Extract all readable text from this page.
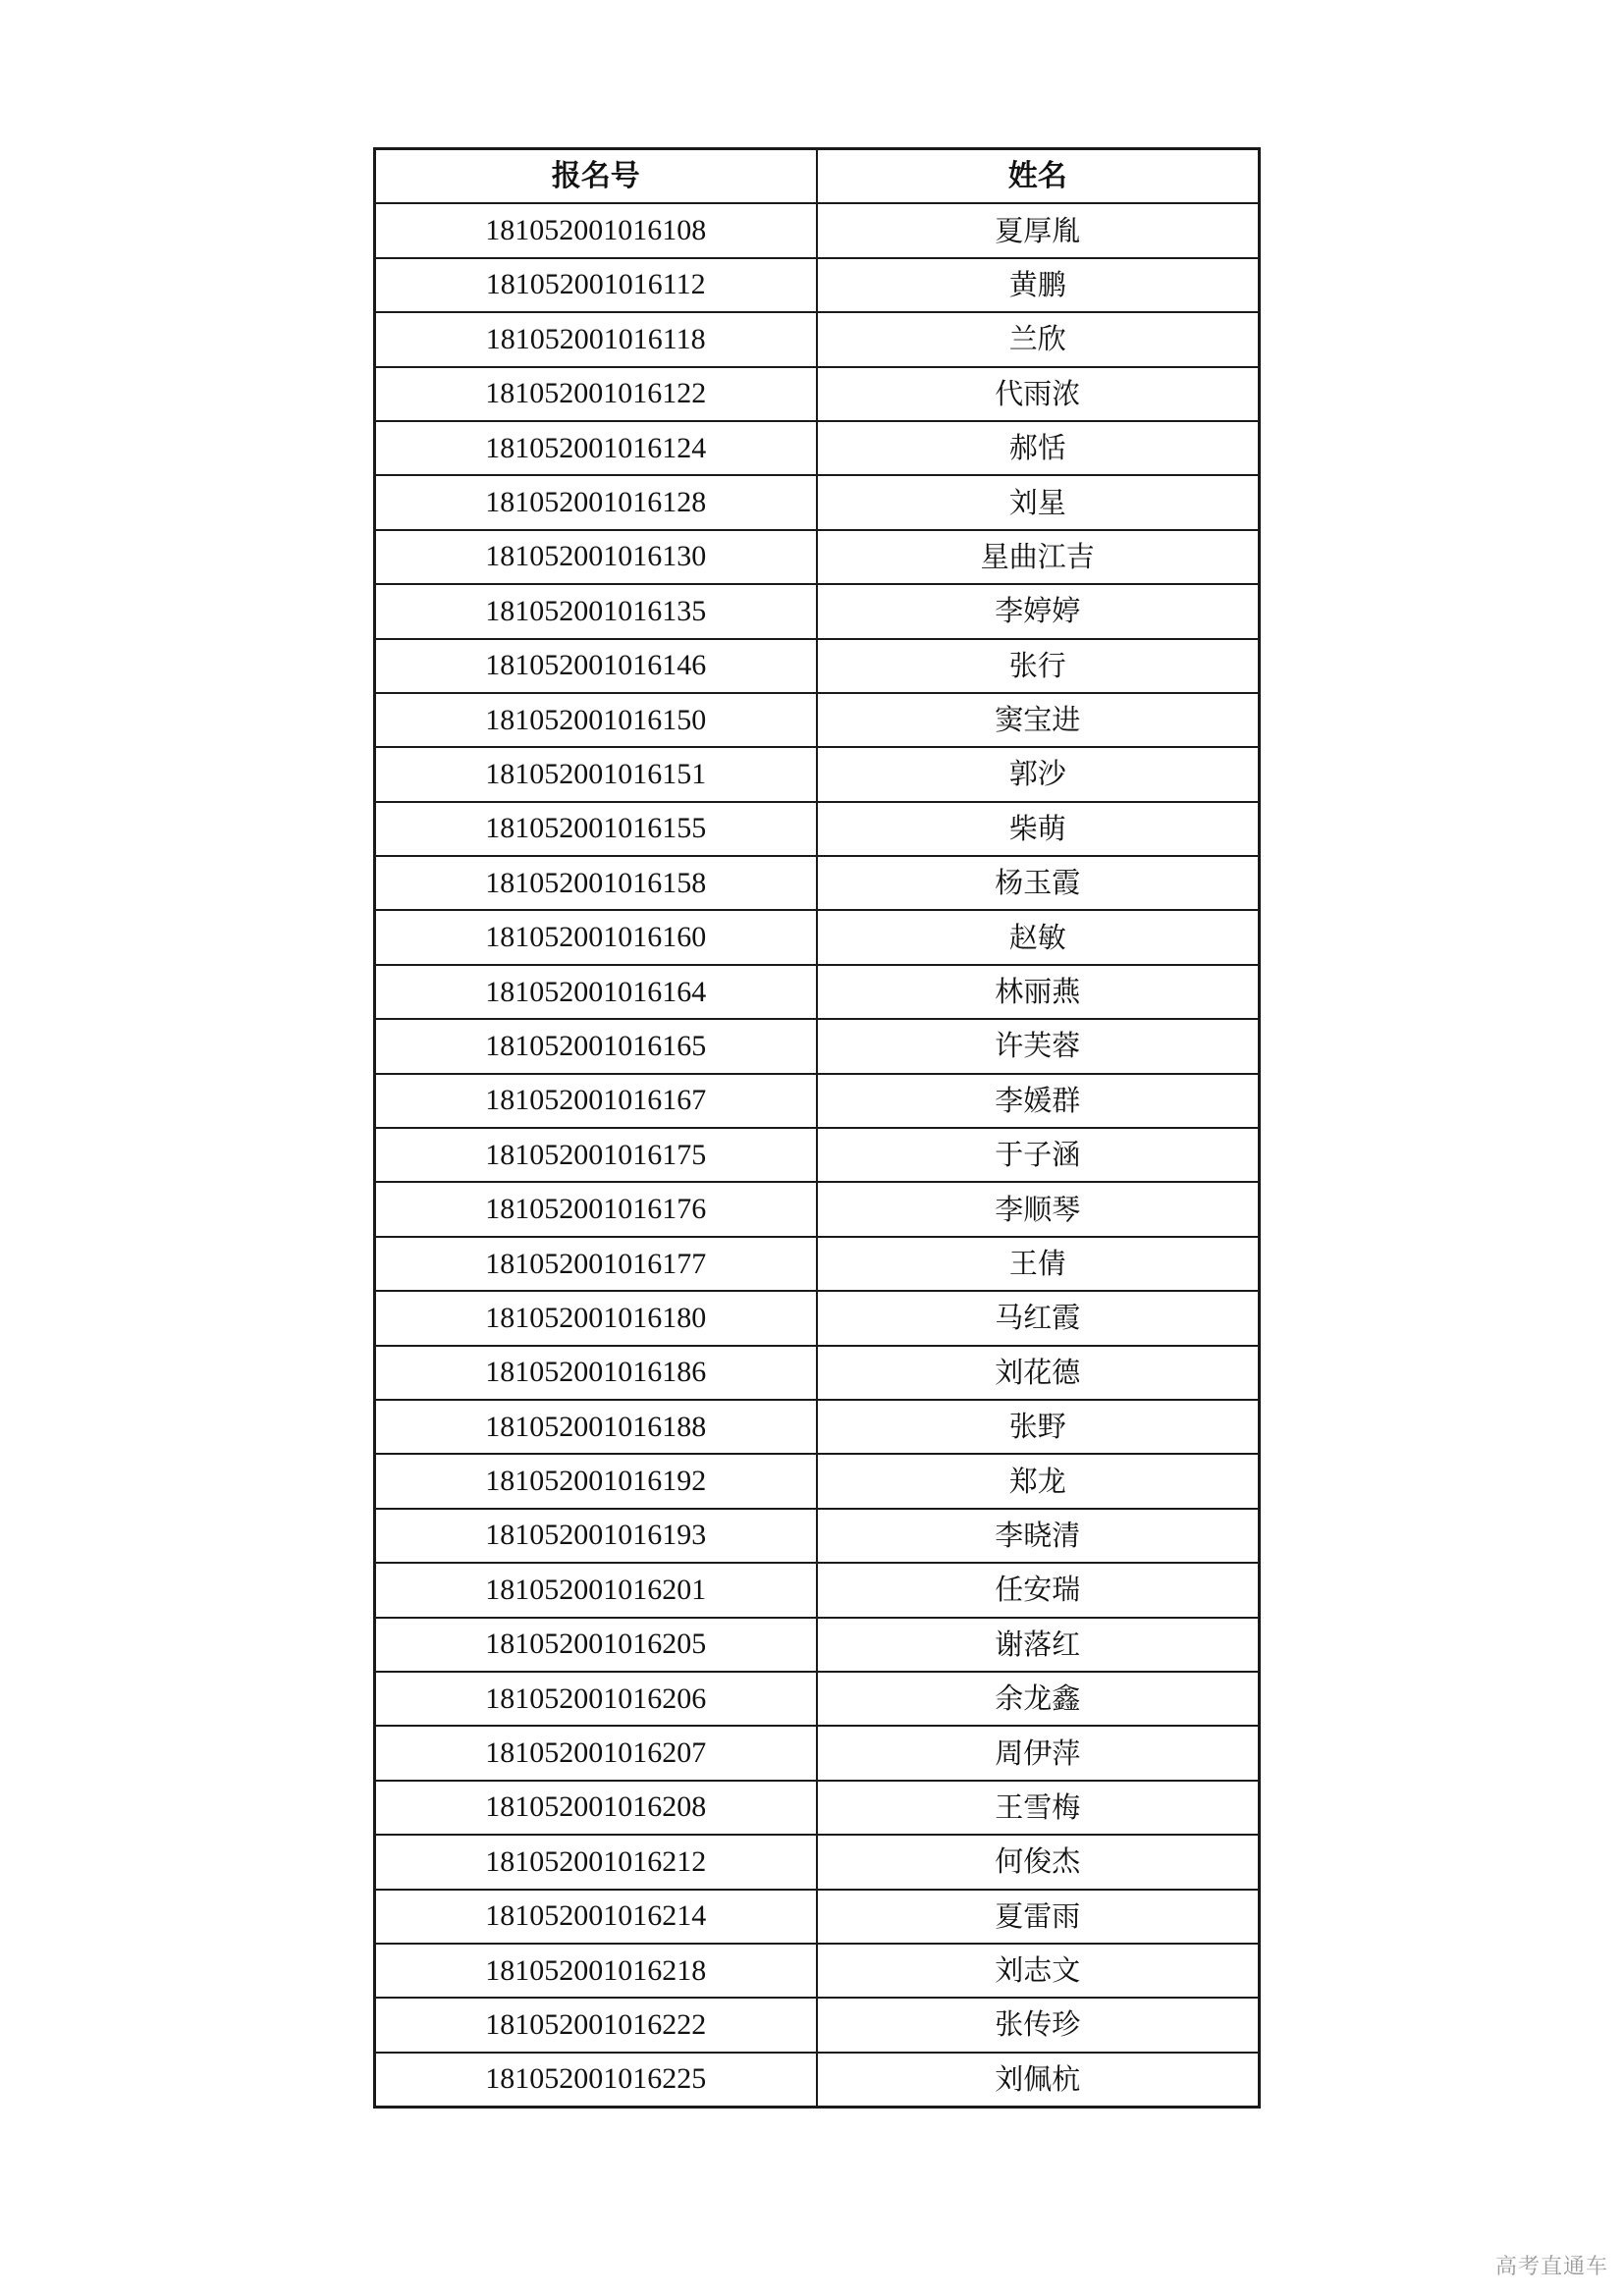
报名号	姓名
181052001016108	夏厚胤
181052001016112	黄鹏
181052001016118	兰欣
181052001016122	代雨浓
181052001016124	郝恬
181052001016128	刘星
181052001016130	星曲江吉
181052001016135	李婷婷
181052001016146	张行
181052001016150	窦宝进
181052001016151	郭沙
181052001016155	柴萌
181052001016158	杨玉霞
181052001016160	赵敏
181052001016164	林丽燕
181052001016165	许芙蓉
181052001016167	李媛群
181052001016175	于子涵
181052001016176	李顺琴
181052001016177	王倩
181052001016180	马红霞
181052001016186	刘花德
181052001016188	张野
181052001016192	郑龙
181052001016193	李晓清
181052001016201	任安瑞
181052001016205	谢落红
181052001016206	余龙鑫
181052001016207	周伊萍
181052001016208	王雪梅
181052001016212	何俊杰
181052001016214	夏雷雨
181052001016218	刘志文
181052001016222	张传珍
181052001016225	刘佩杭
高考直通车
